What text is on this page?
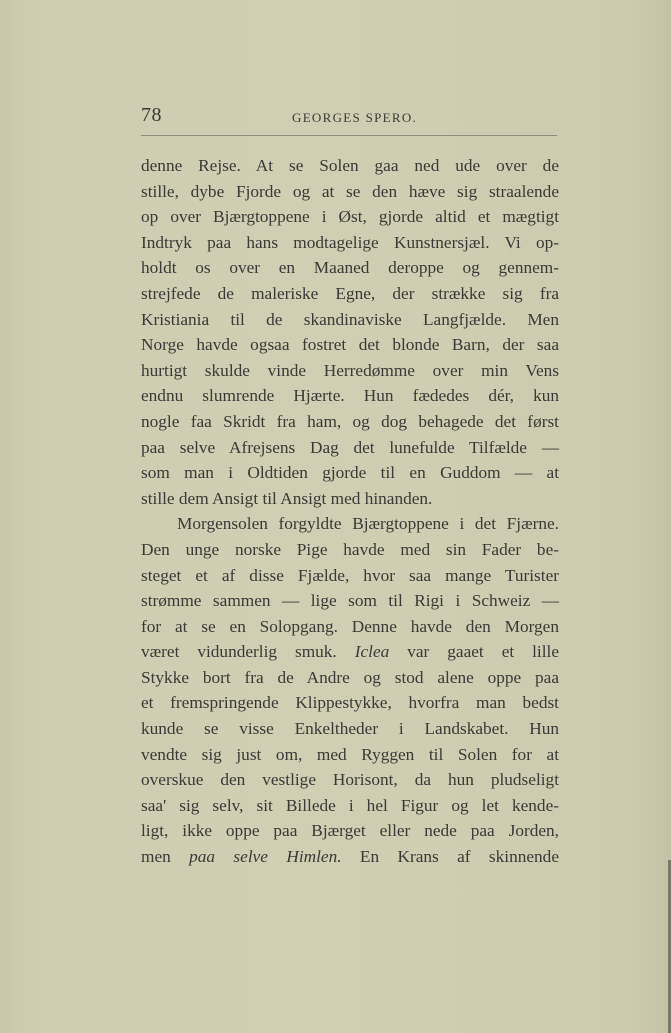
78	GEORGES SPERO.
denne Rejse. At se Solen gaa ned ude over de
stille, dybe Fjorde og at se den hæve sig straalende
op over Bjærgtoppene i Øst, gjorde altid et mægtigt
Indtryk paa hans modtagelige Kunstnersjæl. Vi op-
holdt os over en Maaned deroppe og gennem-
strejfede de maleriske Egne, der strække sig fra
Kristiania til de skandinaviske Langfjælde. Men
Norge havde ogsaa fostret det blonde Barn, der saa
hurtigt skulde vinde Herredømme over min Vens
endnu slumrende Hjærte. Hun fædedes dér, kun
nogle faa Skridt fra ham, og dog behagede det først
paa selve Afrejsens Dag det lunefulde Tilfælde —
som man i Oldtiden gjorde til en Guddom — at
stille dem Ansigt til Ansigt med hinanden.
Morgensolen forgyldte Bjærgtoppene i det Fjærne.
Den unge norske Pige havde med sin Fader be-
steget et af disse Fjælde, hvor saa mange Turister
strømme sammen — lige som til Rigi i Schweiz —
for at se en Solopgang. Denne havde den Morgen
været vidunderlig smuk. Iclea var gaaet et lille
Stykke bort fra de Andre og stod alene oppe paa
et fremspringende Klippestykke, hvorfra man bedst
kunde se visse Enkeltheder i Landskabet. Hun
vendte sig just om, med Ryggen til Solen for at
overskue den vestlige Horisont, da hun pludseligt
saa' sig selv, sit Billede i hel Figur og let kende-
ligt, ikke oppe paa Bjærget eller nede paa Jorden,
men paa selve Himlen. En Krans af skinnende
